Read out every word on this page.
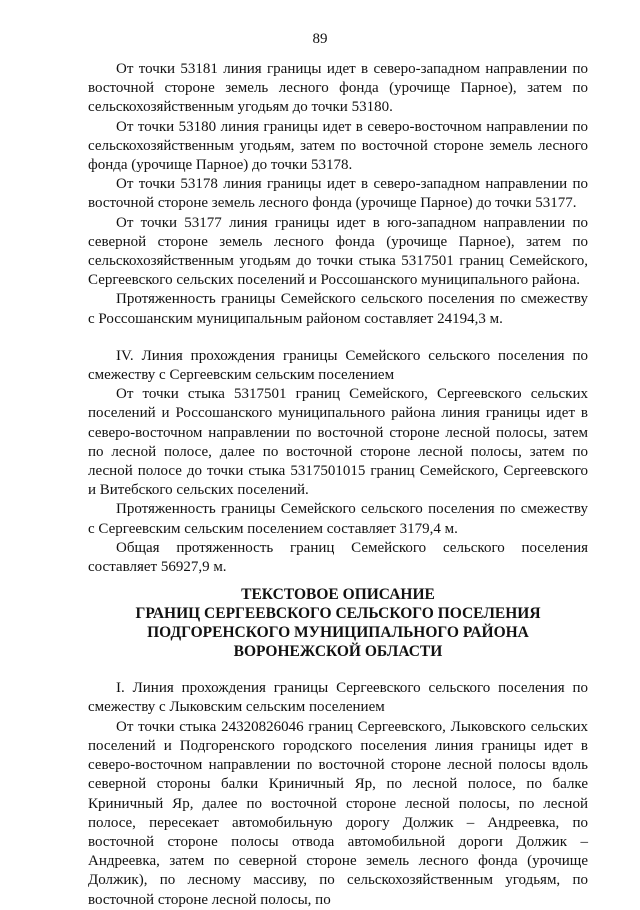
89

От точки 53181 линия границы идет в северо-западном направлении по восточной стороне земель лесного фонда (урочище Парное), затем по сельскохозяйственным угодьям до точки 53180.

От точки 53180 линия границы идет в северо-восточном направлении по сельскохозяйственным угодьям, затем по восточной стороне земель лесного фонда (урочище Парное) до точки 53178.

От точки 53178 линия границы идет в северо-западном направлении по восточной стороне земель лесного фонда (урочище Парное) до точки 53177.

От точки 53177 линия границы идет в юго-западном направлении по северной стороне земель лесного фонда (урочище Парное), затем по сельскохозяйственным угодьям до точки стыка 5317501 границ Семейского, Сергеевского сельских поселений и Россошанского муниципального района.

Протяженность границы Семейского сельского поселения по смежеству с Россошанским муниципальным районом составляет 24194,3 м.

IV. Линия прохождения границы Семейского сельского поселения по смежеству с Сергеевским сельским поселением

От точки стыка 5317501 границ Семейского, Сергеевского сельских поселений и Россошанского муниципального района линия границы идет в северо-восточном направлении по восточной стороне лесной полосы, затем по лесной полосе, далее по восточной стороне лесной полосы, затем по лесной полосе до точки стыка 5317501015 границ Семейского, Сергеевского и Витебского сельских поселений.

Протяженность границы Семейского сельского поселения по смежеству с Сергеевским сельским поселением составляет 3179,4 м.

Общая протяженность границ Семейского сельского поселения составляет 56927,9 м.

ТЕКСТОВОЕ ОПИСАНИЕ
ГРАНИЦ СЕРГЕЕВСКОГО СЕЛЬСКОГО ПОСЕЛЕНИЯ
ПОДГОРЕНСКОГО МУНИЦИПАЛЬНОГО РАЙОНА
ВОРОНЕЖСКОЙ ОБЛАСТИ

I. Линия прохождения границы Сергеевского сельского поселения по смежеству с Лыковским сельским поселением

От точки стыка 24320826046 границ Сергеевского, Лыковского сельских поселений и Подгоренского городского поселения линия границы идет в северо-восточном направлении по восточной стороне лесной полосы вдоль северной стороны балки Криничный Яр, по лесной полосе, по балке Криничный Яр, далее по восточной стороне лесной полосы, по лесной полосе, пересекает автомобильную дорогу Должик – Андреевка, по восточной стороне полосы отвода автомобильной дороги Должик – Андреевка, затем по северной стороне земель лесного фонда (урочище Должик), по лесному массиву, по сельскохозяйственным угодьям, по восточной стороне лесной полосы, по
